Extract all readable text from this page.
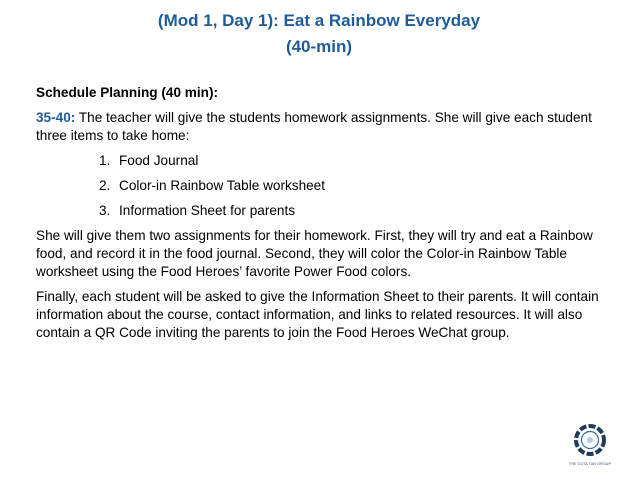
(Mod 1, Day 1): Eat a Rainbow Everyday
(40-min)
Schedule Planning (40 min):
35-40: The teacher will give the students homework assignments. She will give each student three items to take home:
1. Food Journal
2. Color-in Rainbow Table worksheet
3. Information Sheet for parents
She will give them two assignments for their homework. First, they will try and eat a Rainbow food, and record it in the food journal. Second, they will color the Color-in Rainbow Table worksheet using the Food Heroes’ favorite Power Food colors.
Finally, each student will be asked to give the Information Sheet to their parents. It will contain information about the course, contact information, and links to related resources. It will also contain a QR Code inviting the parents to join the Food Heroes WeChat group.
THE COTA TAN GROUP
